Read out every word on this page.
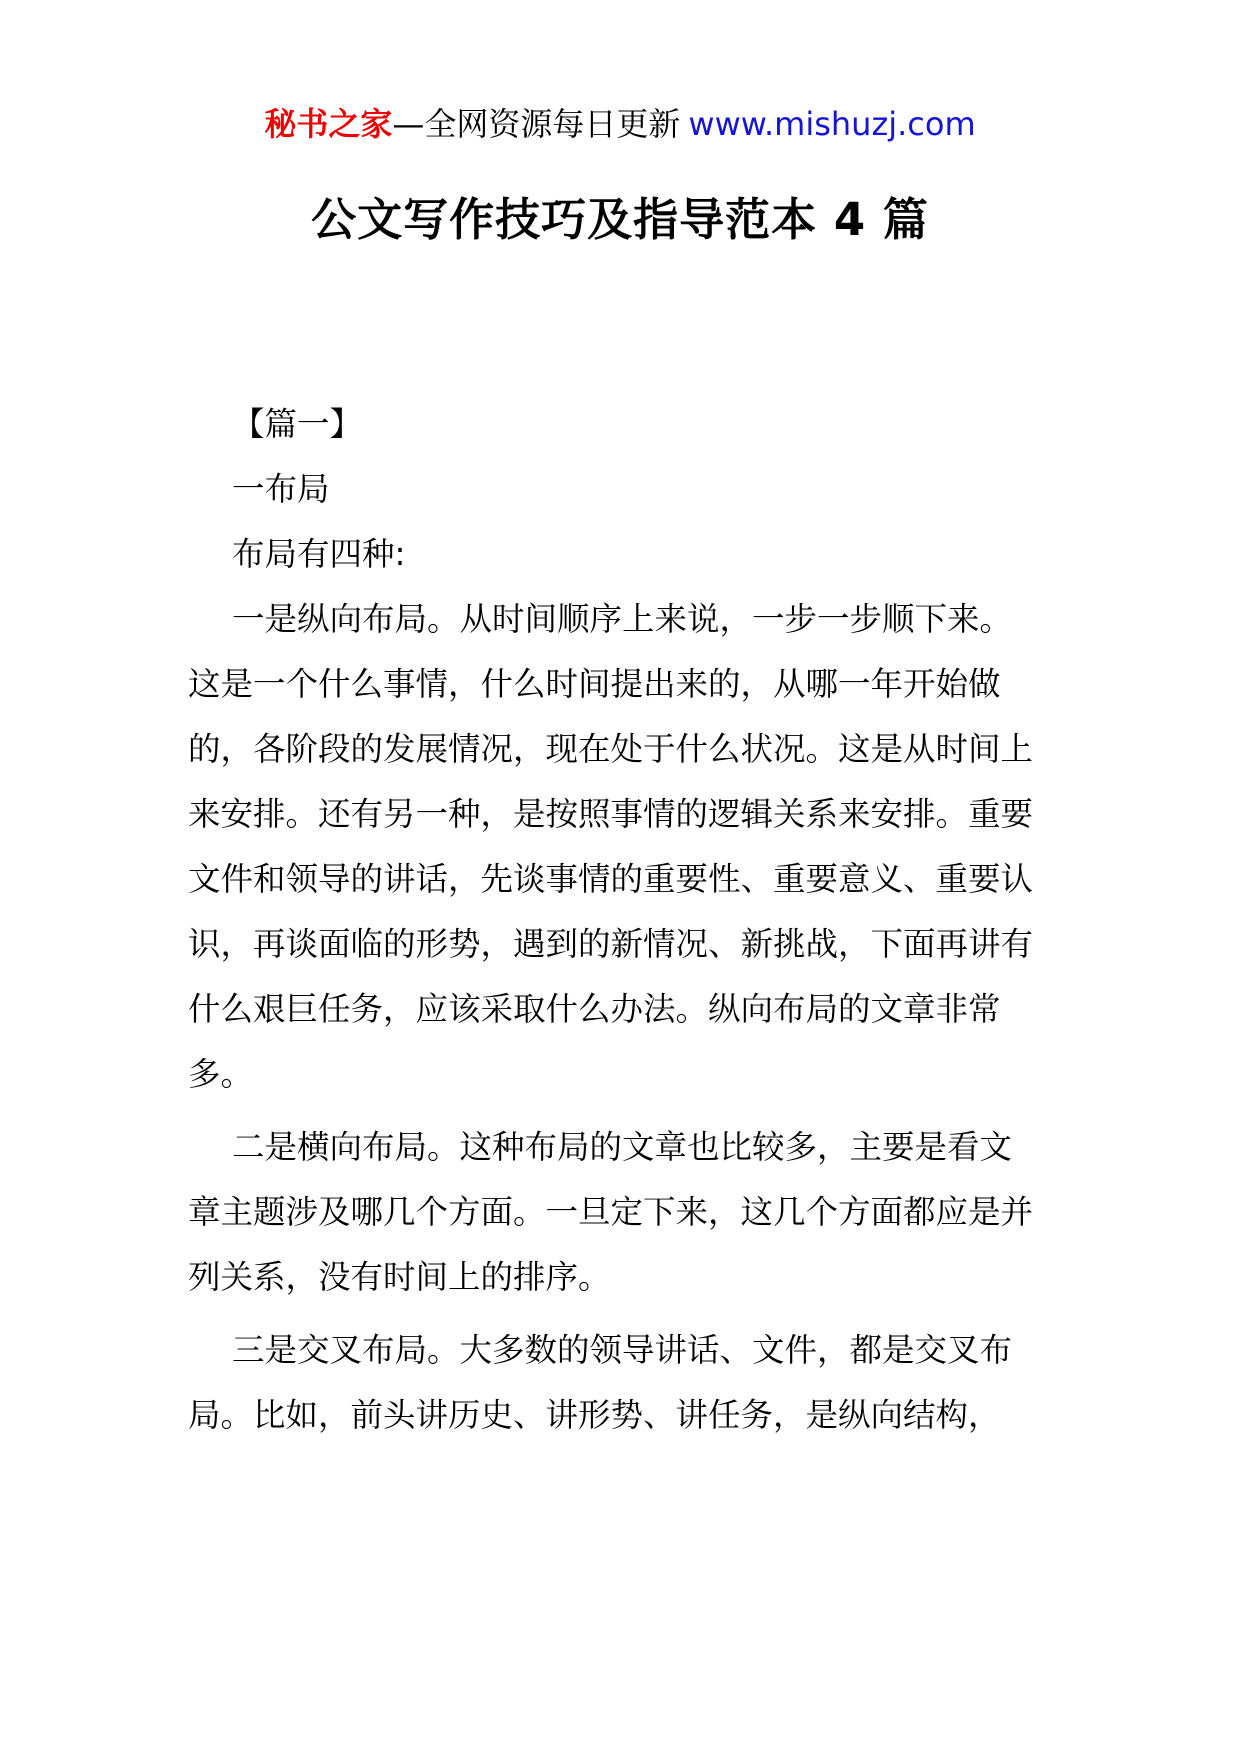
秘书之家—全网资源每日更新 www.mishuzj.com
公文写作技巧及指导范本 4 篇

【篇一】

一布局

布局有四种:

一是纵向布局。从时间顺序上来说，一步一步顺下来。这是一个什么事情，什么时间提出来的，从哪一年开始做的，各阶段的发展情况，现在处于什么状况。这是从时间上来安排。还有另一种，是按照事情的逻辑关系来安排。重要文件和领导的讲话，先谈事情的重要性、重要意义、重要认识，再谈面临的形势，遇到的新情况、新挑战，下面再讲有什么艰巨任务，应该采取什么办法。纵向布局的文章非常多。

二是横向布局。这种布局的文章也比较多，主要是看文章主题涉及哪几个方面。一旦定下来，这几个方面都应是并列关系，没有时间上的排序。

三是交叉布局。大多数的领导讲话、文件，都是交叉布局。比如，前头讲历史、讲形势、讲任务，是纵向结构，
